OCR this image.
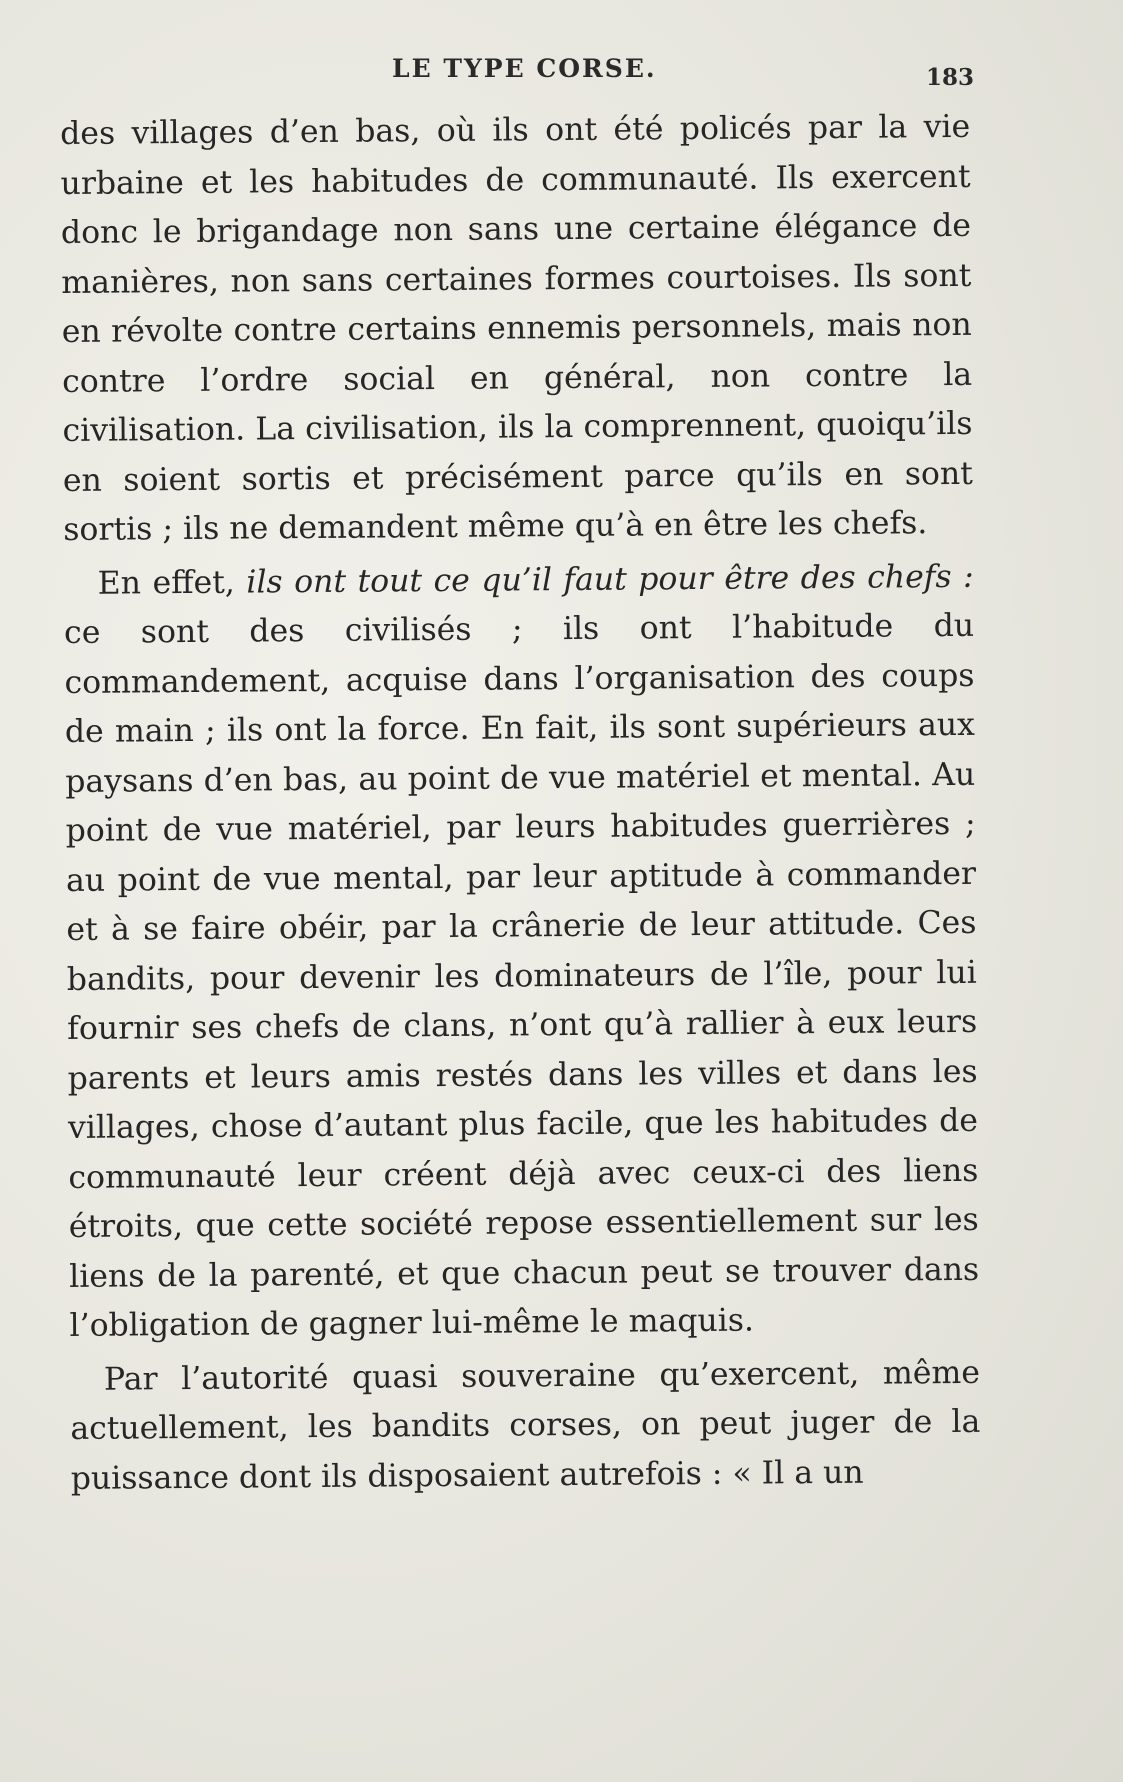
LE TYPE CORSE.	183

des villages d’en bas, où ils ont été policés par la vie urbaine et les habitudes de communauté. Ils exercent donc le brigandage non sans une certaine élégance de manières, non sans certaines formes courtoises. Ils sont en révolte contre certains ennemis personnels, mais non contre l’ordre social en général, non contre la civilisation. La civilisation, ils la comprennent, quoiqu’ils en soient sortis et précisément parce qu’ils en sont sortis ; ils ne demandent même qu’à en être les chefs.

En effet, ils ont tout ce qu’il faut pour être des chefs : ce sont des civilisés ; ils ont l’habitude du commandement, acquise dans l’organisation des coups de main ; ils ont la force. En fait, ils sont supérieurs aux paysans d’en bas, au point de vue matériel et mental. Au point de vue matériel, par leurs habitudes guerrières ; au point de vue mental, par leur aptitude à commander et à se faire obéir, par la crânerie de leur attitude. Ces bandits, pour devenir les dominateurs de l’île, pour lui fournir ses chefs de clans, n’ont qu’à rallier à eux leurs parents et leurs amis restés dans les villes et dans les villages, chose d’autant plus facile, que les habitudes de communauté leur créent déjà avec ceux-ci des liens étroits, que cette société repose essentiellement sur les liens de la parenté, et que chacun peut se trouver dans l’obligation de gagner lui-même le maquis.

Par l’autorité quasi souveraine qu’exercent, même actuellement, les bandits corses, on peut juger de la puissance dont ils disposaient autrefois : « Il a un
